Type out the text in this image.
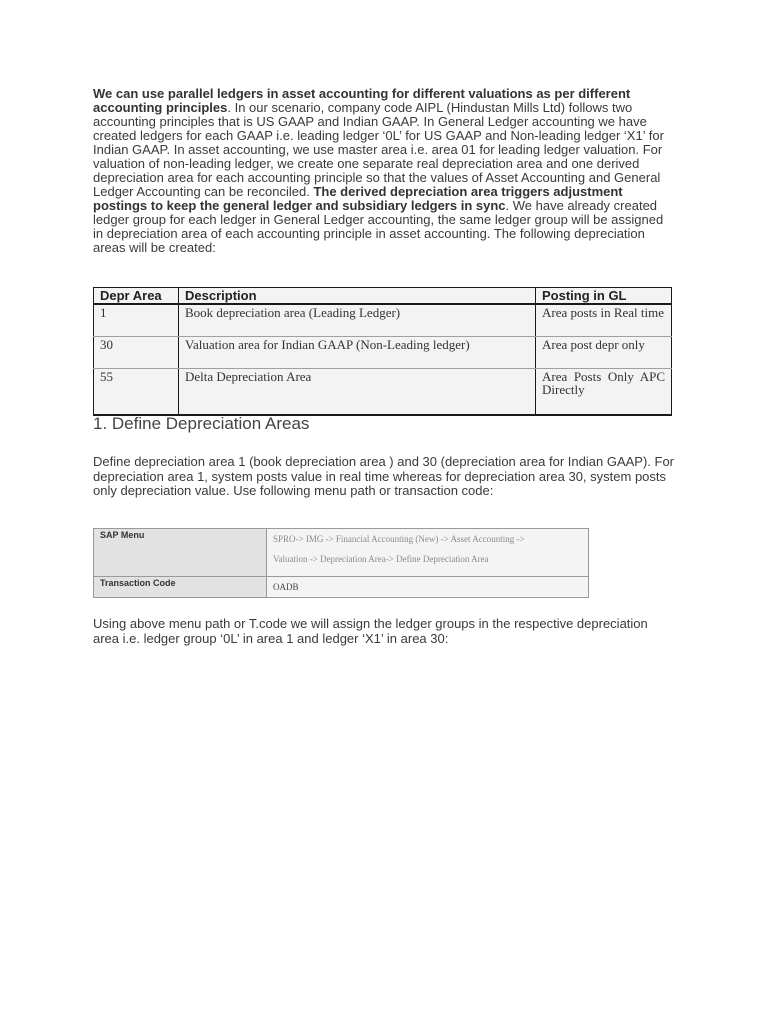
We can use parallel ledgers in asset accounting for different valuations as per different accounting principles. In our scenario, company code AIPL (Hindustan Mills Ltd) follows two accounting principles that is US GAAP and Indian GAAP. In General Ledger accounting we have created ledgers for each GAAP i.e. leading ledger ‘0L’ for US GAAP and Non-leading ledger ‘X1’ for Indian GAAP. In asset accounting, we use master area i.e. area 01 for leading ledger valuation. For valuation of non-leading ledger, we create one separate real depreciation area and one derived depreciation area for each accounting principle so that the values of Asset Accounting and General Ledger Accounting can be reconciled. The derived depreciation area triggers adjustment postings to keep the general ledger and subsidiary ledgers in sync. We have already created ledger group for each ledger in General Ledger accounting, the same ledger group will be assigned in depreciation area of each accounting principle in asset accounting. The following depreciation areas will be created:

Depr Area	Description	Posting in GL
1	Book depreciation area (Leading Ledger)	Area posts in Real time
30	Valuation area for Indian GAAP (Non-Leading ledger)	Area post depr only
55	Delta Depreciation Area	Area Posts Only APC Directly
1. Define Depreciation Areas

Define depreciation area 1 (book depreciation area ) and 30 (depreciation area for Indian GAAP). For depreciation area 1, system posts value in real time whereas for depreciation area 30, system posts only depreciation value. Use following menu path or transaction code:

SAP Menu	SPRO-> IMG -> Financial Accounting (New) -> Asset Accounting ->
Valuation -> Depreciation Area-> Define Depreciation Area

Transaction Code	OADB

Using above menu path or T.code we will assign the ledger groups in the respective depreciation area i.e. ledger group ‘0L’ in area 1 and ledger ‘X1’ in area 30:
